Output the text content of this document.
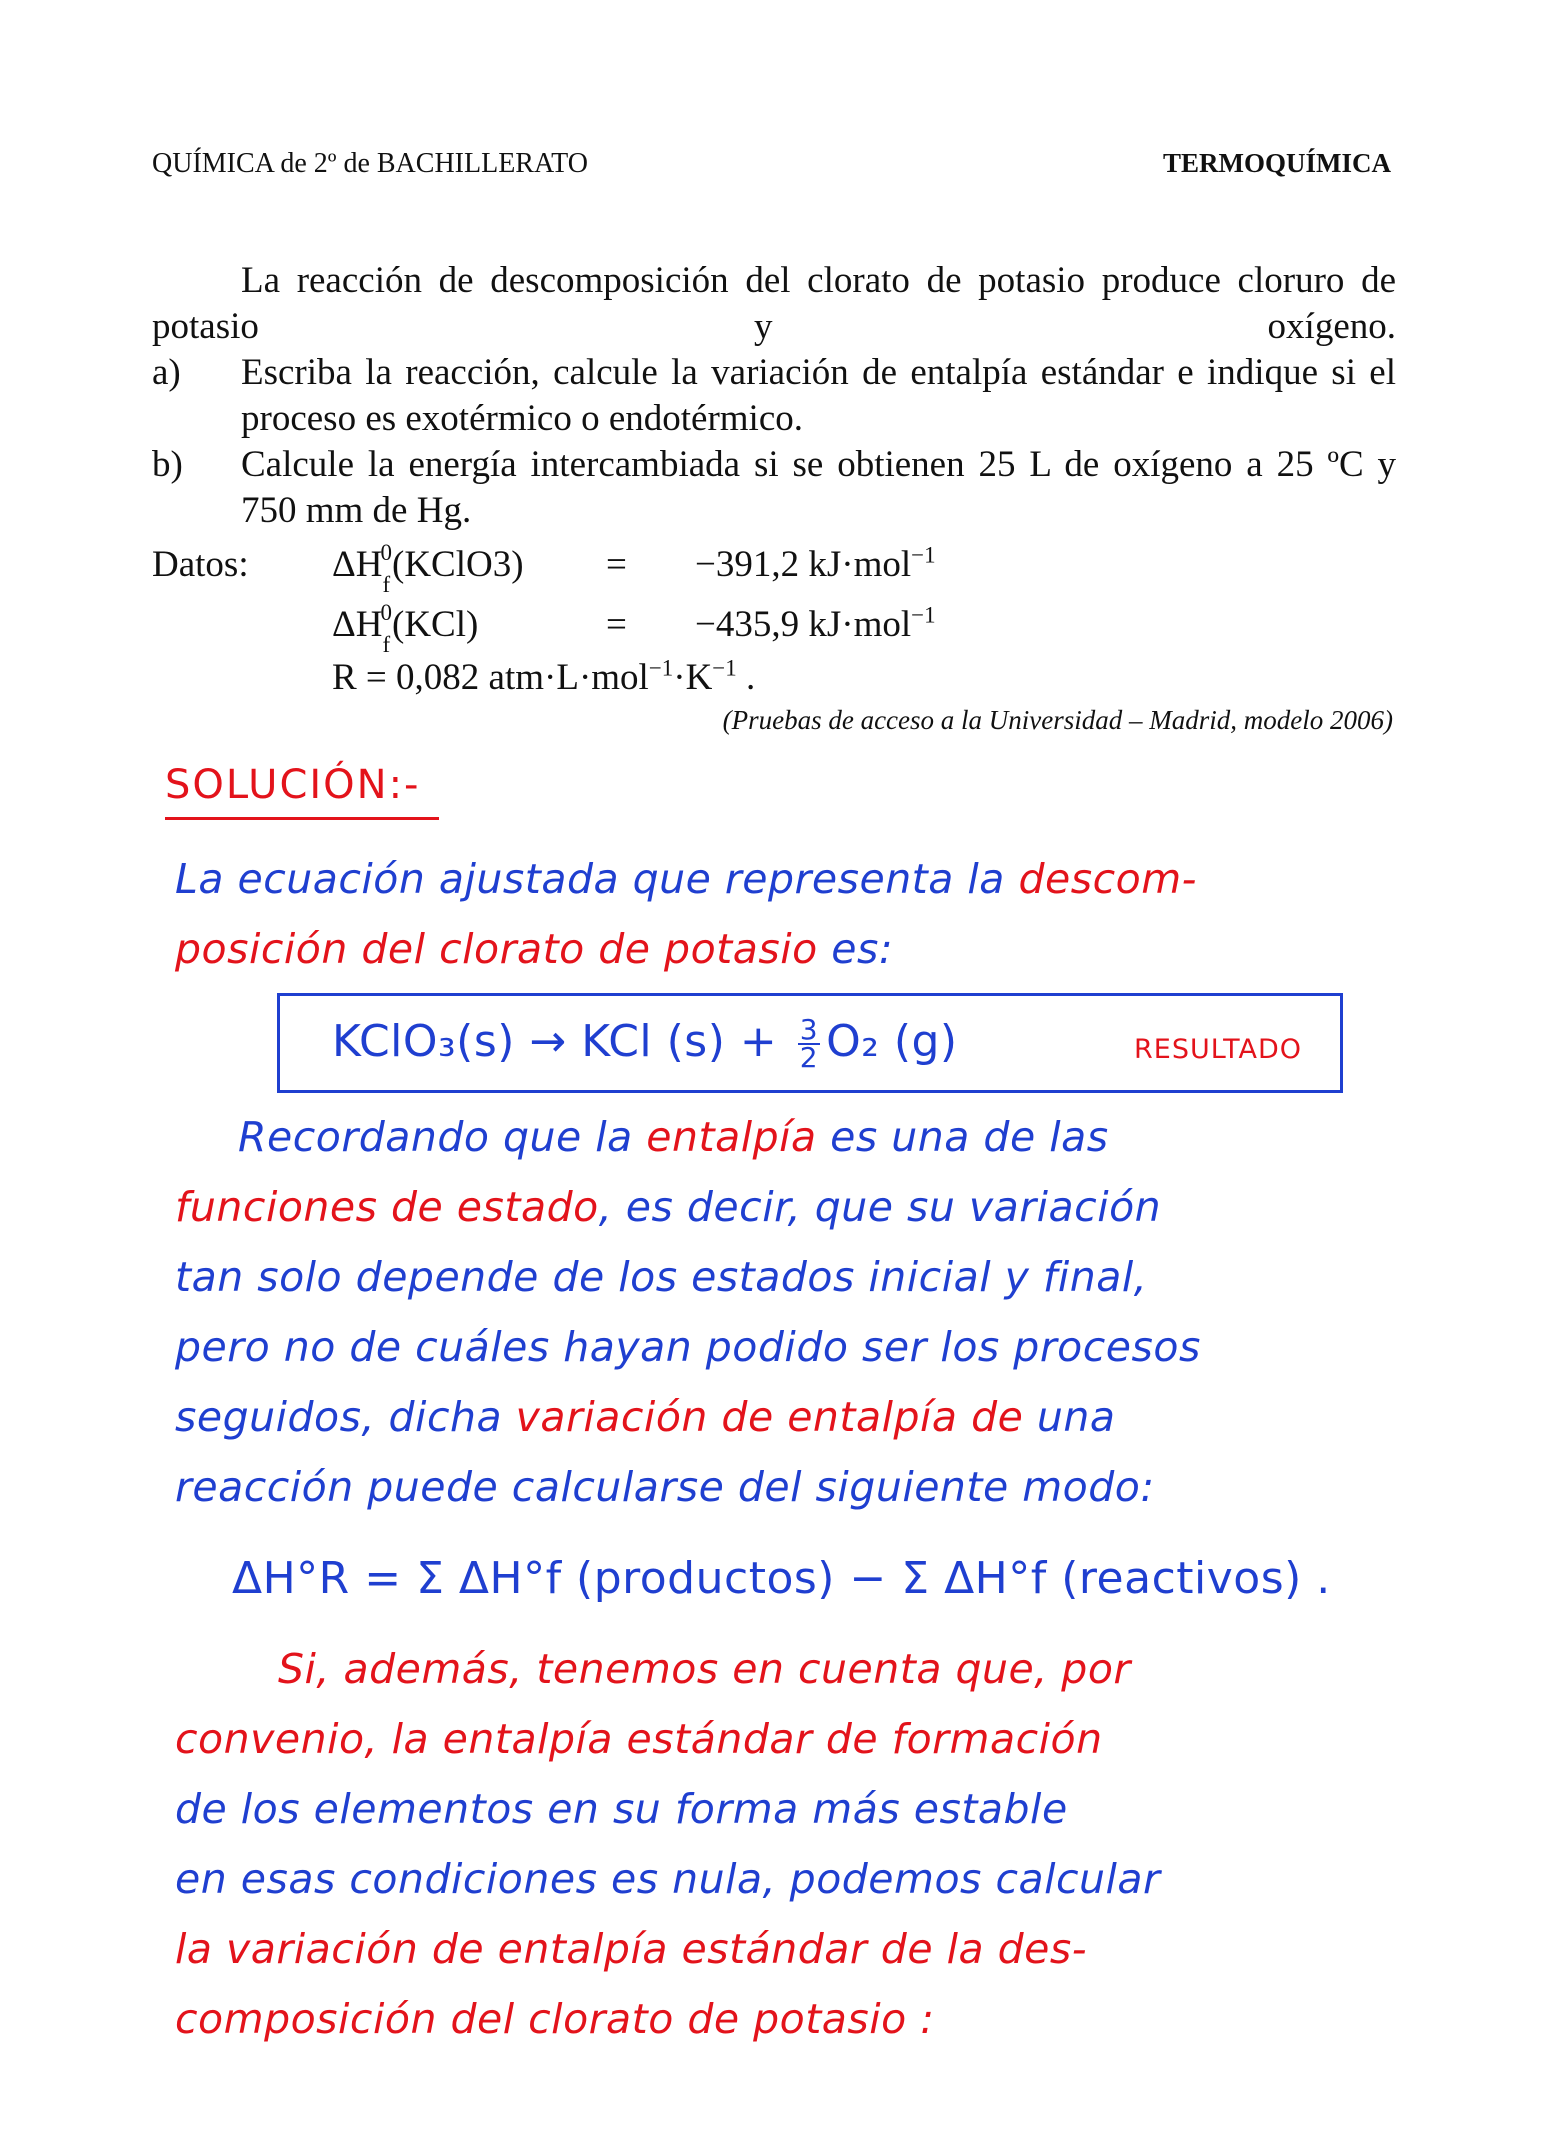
QUÍMICA de 2º de BACHILLERATO	TERMOQUÍMICA
La reacción de descomposición del clorato de potasio produce cloruro de potasio y oxígeno.
a) Escriba la reacción, calcule la variación de entalpía estándar e indique si el proceso es exotérmico o endotérmico.
b) Calcule la energía intercambiada si se obtienen 25 L de oxígeno a 25 ºC y 750 mm de Hg.
Datos: $\Delta H_f^0(KClO3) = -391,2$ kJ·mol$^{-1}$
$\Delta H_f^0(KCl)$	= −435,9 kJ·mol$^{-1}$
R = 0,082 $atm\cdot L\cdot mol^{-1}\cdot K^{-1}$ .
(Pruebas de acceso a la Universidad – Madrid, modelo 2006)
SOLUCIÓN:-
La ecuación ajustada que representa la descom-
posición del clorato de potasio es:
KClO₃(s) → KCl $(s) + \frac{3}{2} O_2$ (g)	RESULTADO
Recordando que la entalpía es una de las
funciones de estado, es decir, que su variación
tan solo depende de los estados inicial y final,
pero no de cuáles hayan podido ser los procesos
seguidos, dicha variación de entalpía de una
reacción puede calcularse del siguiente modo:
ΔH°R = Σ ΔH°f (productos) − Σ ΔH°f (reactivos) .
Si, además, tenemos en cuenta que, por
convenio, la entalpía estándar de formación
de los elementos en su forma más estable
en esas condiciones es nula, podemos calcular
la variación de entalpía estándar de la des-
composición del clorato de potasio :
